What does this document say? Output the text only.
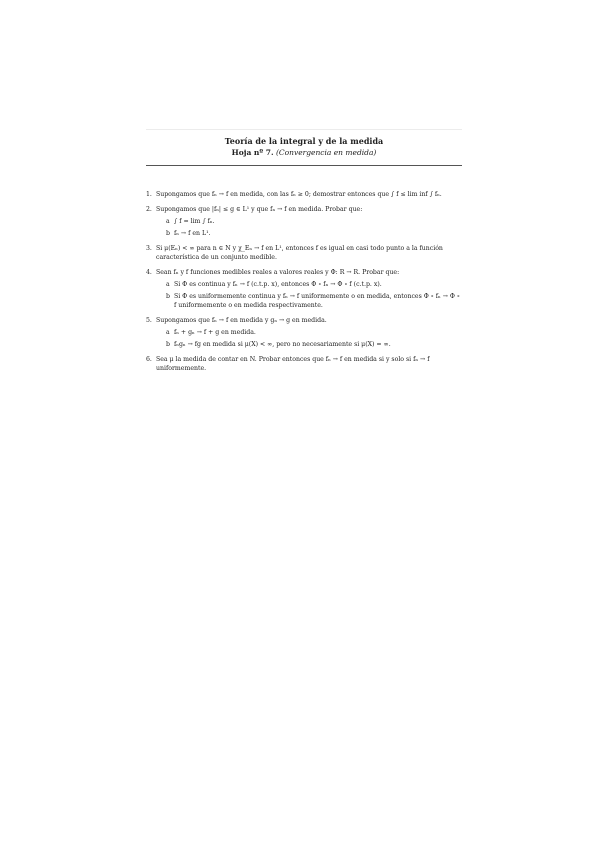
Teoría de la integral y de la medida
Hoja nº 7. (Convergencia en medida)
1. Supongamos que fₙ → f en medida, con las fₙ ≥ 0; demostrar entonces que ∫ f ≤ lim inf ∫ fₙ.
2. Supongamos que |fₙ| ≤ g ∈ L¹ y que fₙ → f en medida. Probar que:
a ∫ f = lim ∫ fₙ.
b fₙ → f en L¹.
3. Si μ(Eₙ) < ∞ para n ∈ N y χ_Eₙ → f en L¹, entonces f es igual en casi todo punto a la función característica de un conjunto medible.
4. Sean fₙ y f funciones medibles reales a valores reales y Φ: R → R. Probar que:
a Si Φ es continua y fₙ → f (c.t.p. x), entonces Φ ∘ fₙ → Φ ∘ f (c.t.p. x).
b Si Φ es uniformemente continua y fₙ → f uniformemente o en medida, entonces Φ ∘ fₙ → Φ ∘ f uniformemente o en medida respectivamente.
5. Supongamos que fₙ → f en medida y gₙ → g en medida.
a fₙ + gₙ → f + g en medida.
b fₙgₙ → fg en medida si μ(X) < ∞, pero no necesariamente si μ(X) = ∞.
6. Sea μ la medida de contar en N. Probar entonces que fₙ → f en medida si y solo si fₙ → f uniformemente.
